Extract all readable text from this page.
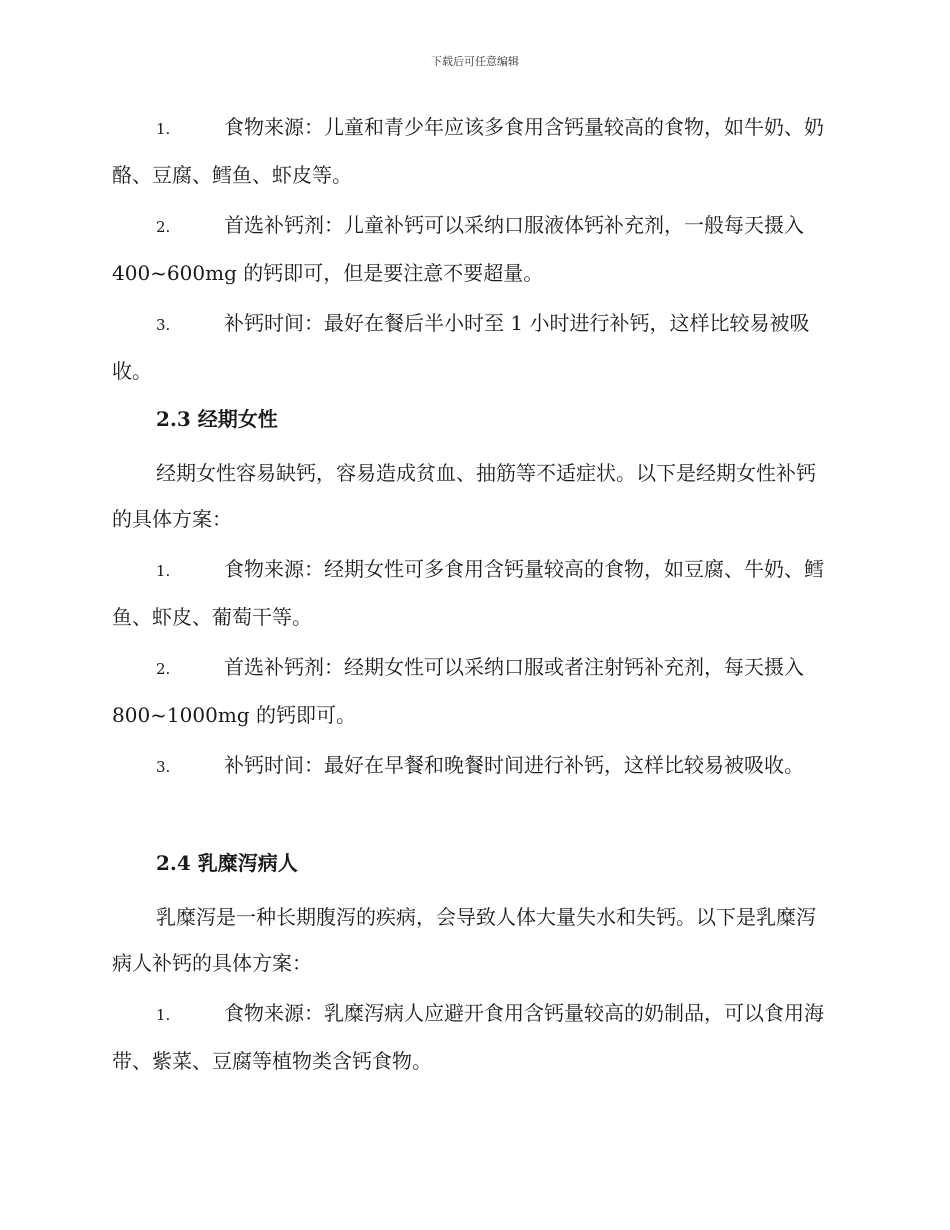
下载后可任意编辑
1.	食物来源：儿童和青少年应该多食用含钙量较高的食物，如牛奶、奶酪、豆腐、鳕鱼、虾皮等。
2.	首选补钙剂：儿童补钙可以采纳口服液体钙补充剂，一般每天摄入 400~600mg 的钙即可，但是要注意不要超量。
3.	补钙时间：最好在餐后半小时至 1 小时进行补钙，这样比较易被吸收。
2.3 经期女性
经期女性容易缺钙，容易造成贫血、抽筋等不适症状。以下是经期女性补钙的具体方案：
1.	食物来源：经期女性可多食用含钙量较高的食物，如豆腐、牛奶、鳕鱼、虾皮、葡萄干等。
2.	首选补钙剂：经期女性可以采纳口服或者注射钙补充剂，每天摄入 800~1000mg 的钙即可。
3.	补钙时间：最好在早餐和晚餐时间进行补钙，这样比较易被吸收。
2.4 乳糜泻病人
乳糜泻是一种长期腹泻的疾病，会导致人体大量失水和失钙。以下是乳糜泻病人补钙的具体方案：
1.	食物来源：乳糜泻病人应避开食用含钙量较高的奶制品，可以食用海带、紫菜、豆腐等植物类含钙食物。
